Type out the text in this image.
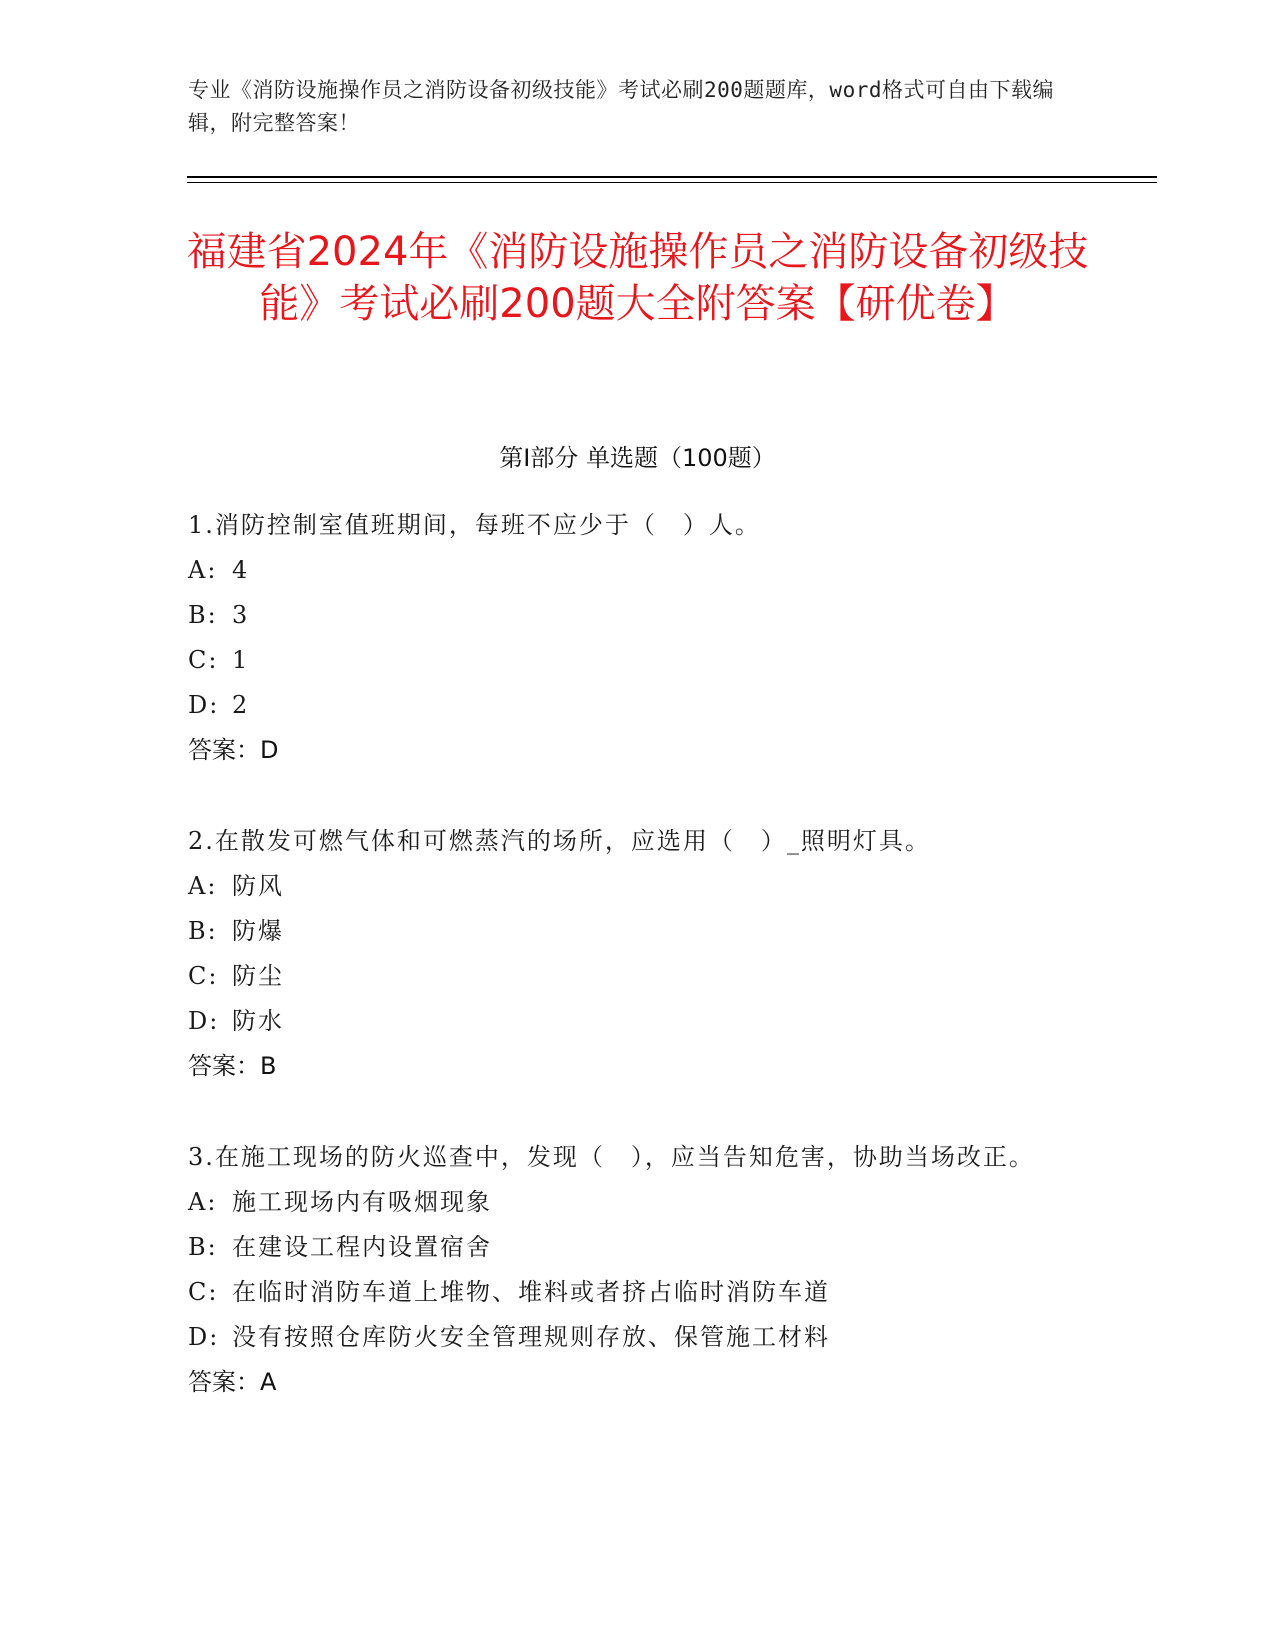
专业《消防设施操作员之消防设备初级技能》考试必刷200题题库，word格式可自由下载编辑，附完整答案！
福建省2024年《消防设施操作员之消防设备初级技能》考试必刷200题大全附答案【研优卷】
第I部分 单选题（100题）
1.消防控制室值班期间，每班不应少于（　）人。
A: 4
B: 3
C: 1
D: 2
答案：D
2.在散发可燃气体和可燃蒸汽的场所，应选用（　）_照明灯具。
A: 防风
B: 防爆
C: 防尘
D: 防水
答案：B
3.在施工现场的防火巡查中，发现（　），应当告知危害，协助当场改正。
A: 施工现场内有吸烟现象
B: 在建设工程内设置宿舍
C: 在临时消防车道上堆物、堆料或者挤占临时消防车道
D: 没有按照仓库防火安全管理规则存放、保管施工材料
答案：A
